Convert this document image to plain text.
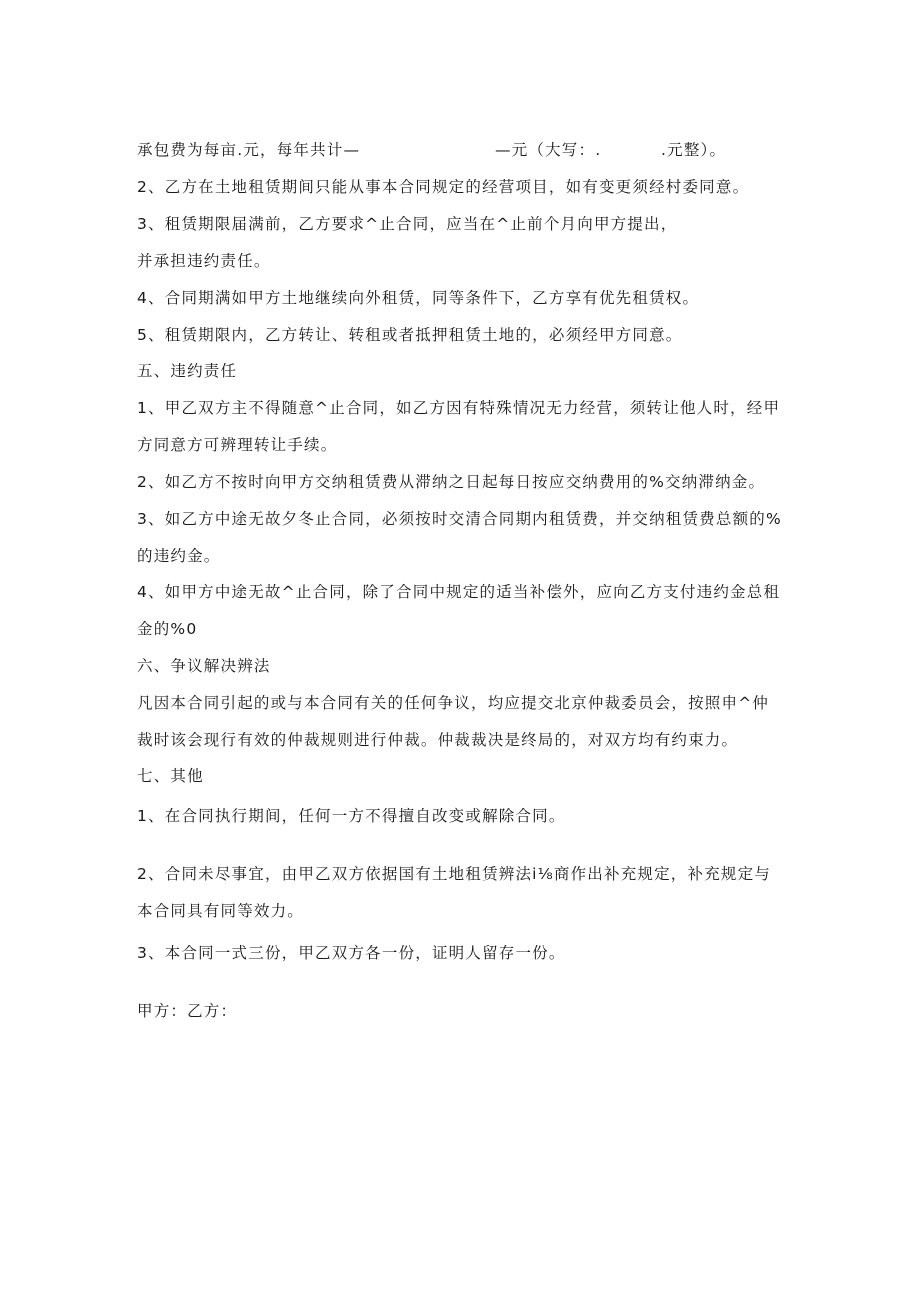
承包费为每亩.元，每年共计—	—元（大写：.	.元整）。
2、乙方在土地租赁期间只能从事本合同规定的经营项目，如有变更须经村委同意。
3、租赁期限届满前，乙方要求^止合同，应当在^止前个月向甲方提出，
并承担违约责任。
4、合同期满如甲方土地继续向外租赁，同等条件下，乙方享有优先租赁权。
5、租赁期限内，乙方转让、转租或者抵押租赁土地的，必须经甲方同意。
五、违约责任
1、甲乙双方主不得随意^止合同，如乙方因有特殊情况无力经营，须转让他人时，经甲
方同意方可辨理转让手续。
2、如乙方不按时向甲方交纳租赁费从滞纳之日起每日按应交纳费用的%交纳滞纳金。
3、如乙方中途无故夕冬止合同，必须按时交清合同期内租赁费，并交纳租赁费总额的%
的违约金。
4、如甲方中途无故^止合同，除了合同中规定的适当补偿外，应向乙方支付违约金总租
金的%0
六、争议解决辨法
凡因本合同引起的或与本合同有关的任何争议，均应提交北京仲裁委员会，按照申^仲
裁时该会现行有效的仲裁规则进行仲裁。仲裁裁决是终局的，对双方均有约束力。
七、其他
1、在合同执行期间，任何一方不得擅自改变或解除合同。
2、合同未尽事宜，由甲乙双方依据国有土地租赁辨法i⅛商作出补充规定，补充规定与
本合同具有同等效力。
3、本合同一式三份，甲乙双方各一份，证明人留存一份。
甲方：乙方：
